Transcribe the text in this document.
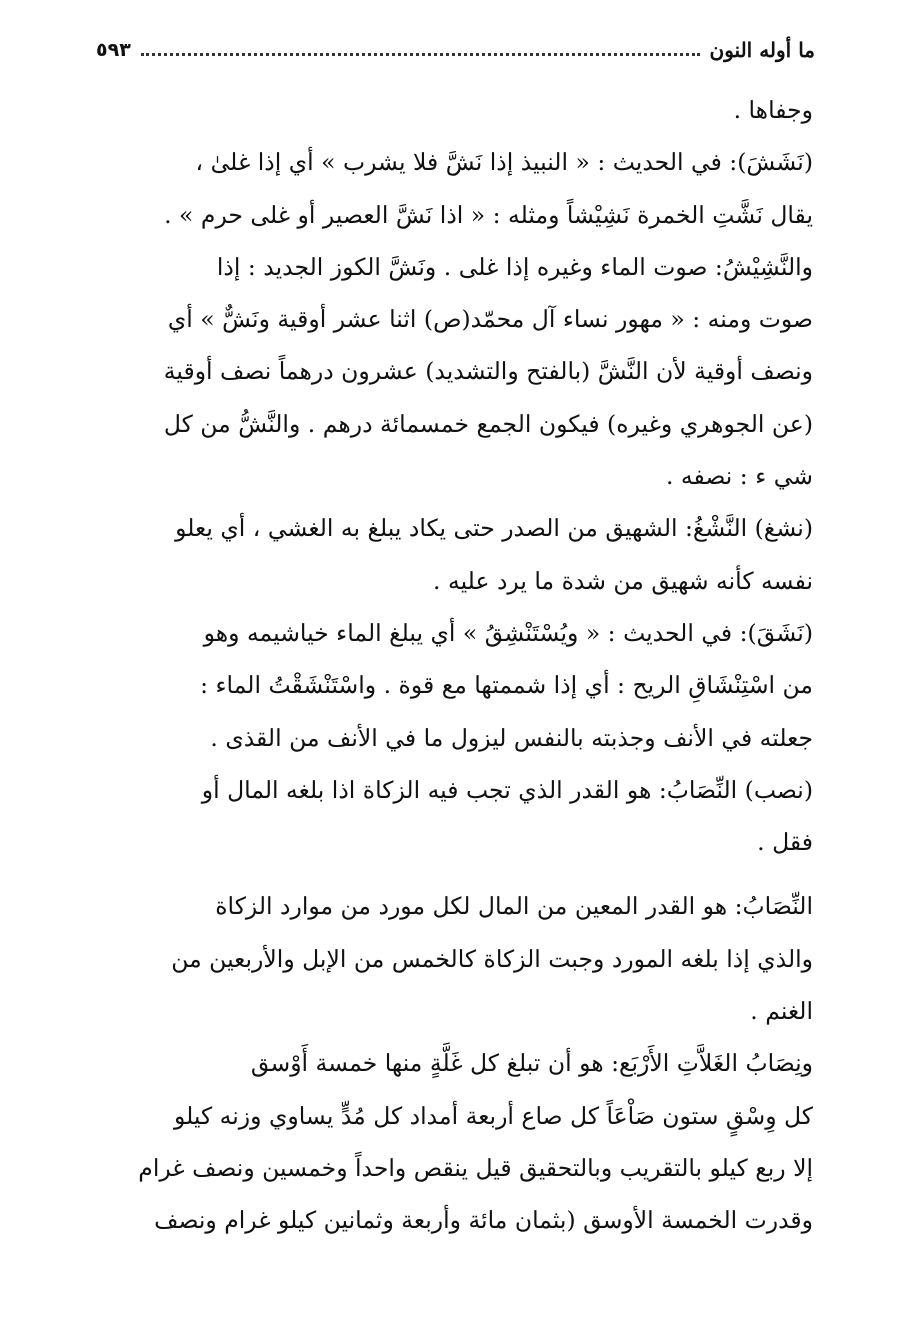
ما أوله النون
٥٩٣
وجفاها .
(نَشَشَ): في الحديث : « النبيذ إذا نَشَّ فلا يشرب » أي إذا غلىٰ ،
يقال نَشَّتِ الخمرة نَشِيْشاً ومثله : « اذا نَشَّ العصير أو غلى حرم » .
والنَّشِيْشُ: صوت الماء وغيره إذا غلى . ونَشَّ الكوز الجديد : إذا
صوت ومنه : « مهور نساء آل محمّد(ص) اثنا عشر أوقية ونَشٌّ » أي
ونصف أوقية لأن النَّشَّ (بالفتح والتشديد) عشرون درهماً نصف أوقية
(عن الجوهري وغيره) فيكون الجمع خمسمائة درهم . والنَّشُّ من كل
شي ء : نصفه .
(نشغ) النَّشْغُ: الشهيق من الصدر حتى يكاد يبلغ به الغشي ، أي يعلو
نفسه كأنه شهيق من شدة ما يرد عليه .
(نَشَقَ): في الحديث : « ويُسْتَنْشِقُ » أي يبلغ الماء خياشيمه وهو
من اسْتِنْشَاقِ الريح : أي إذا شممتها مع قوة . واسْتَنْشَقْتُ الماء :
جعلته في الأنف وجذبته بالنفس ليزول ما في الأنف من القذى .
(نصب) النِّصَابُ: هو القدر الذي تجب فيه الزكاة اذا بلغه المال أو
فقل .
النِّصَابُ: هو القدر المعين من المال لكل مورد من موارد الزكاة
والذي إذا بلغه المورد وجبت الزكاة كالخمس من الإبل والأربعين من
الغنم .
ونِصَابُ الغَلاَّتِ الأَرْبَع: هو أن تبلغ كل غَلَّةٍ منها خمسة أَوْسق
كل وِسْقٍ ستون صَاْعَاً كل صاع أربعة أمداد كل مُدٍّ يساوي وزنه كيلو
إلا ربع كيلو بالتقريب وبالتحقيق قيل ينقص واحداً وخمسين ونصف غرام
وقدرت الخمسة الأوسق (بثمان مائة وأربعة وثمانين كيلو غرام ونصف
